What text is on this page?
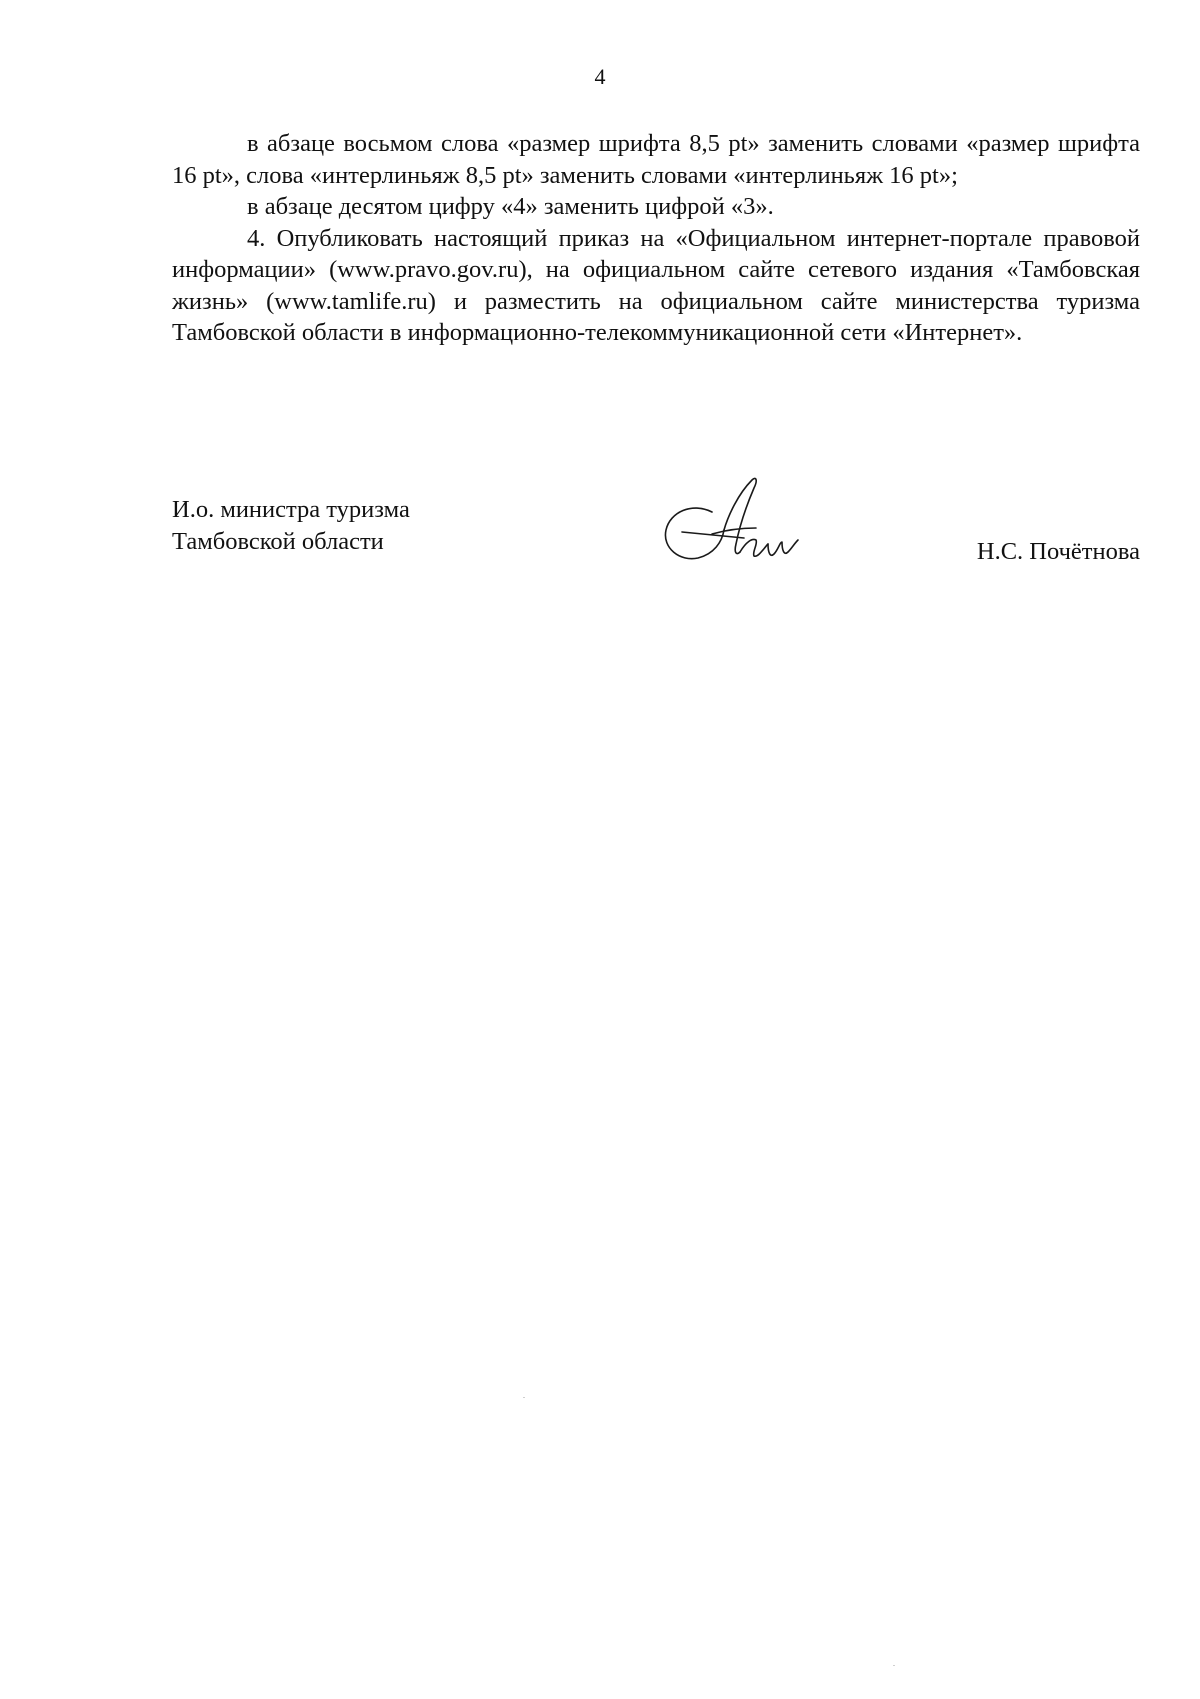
4

в абзаце восьмом слова «размер шрифта 8,5 pt» заменить словами «размер шрифта 16 pt», слова «интерлиньяж 8,5 pt» заменить словами «интерлиньяж 16 pt»;

в абзаце десятом цифру «4» заменить цифрой «3».

4. Опубликовать настоящий приказ на «Официальном интернет-портале правовой информации» (www.pravo.gov.ru), на официальном сайте сетевого издания «Тамбовская жизнь» (www.tamlife.ru) и разместить на официальном сайте министерства туризма Тамбовской области в информационно-телекоммуникационной сети «Интернет».

И.о. министра туризма
Тамбовской области	Н.С. Почётнова
